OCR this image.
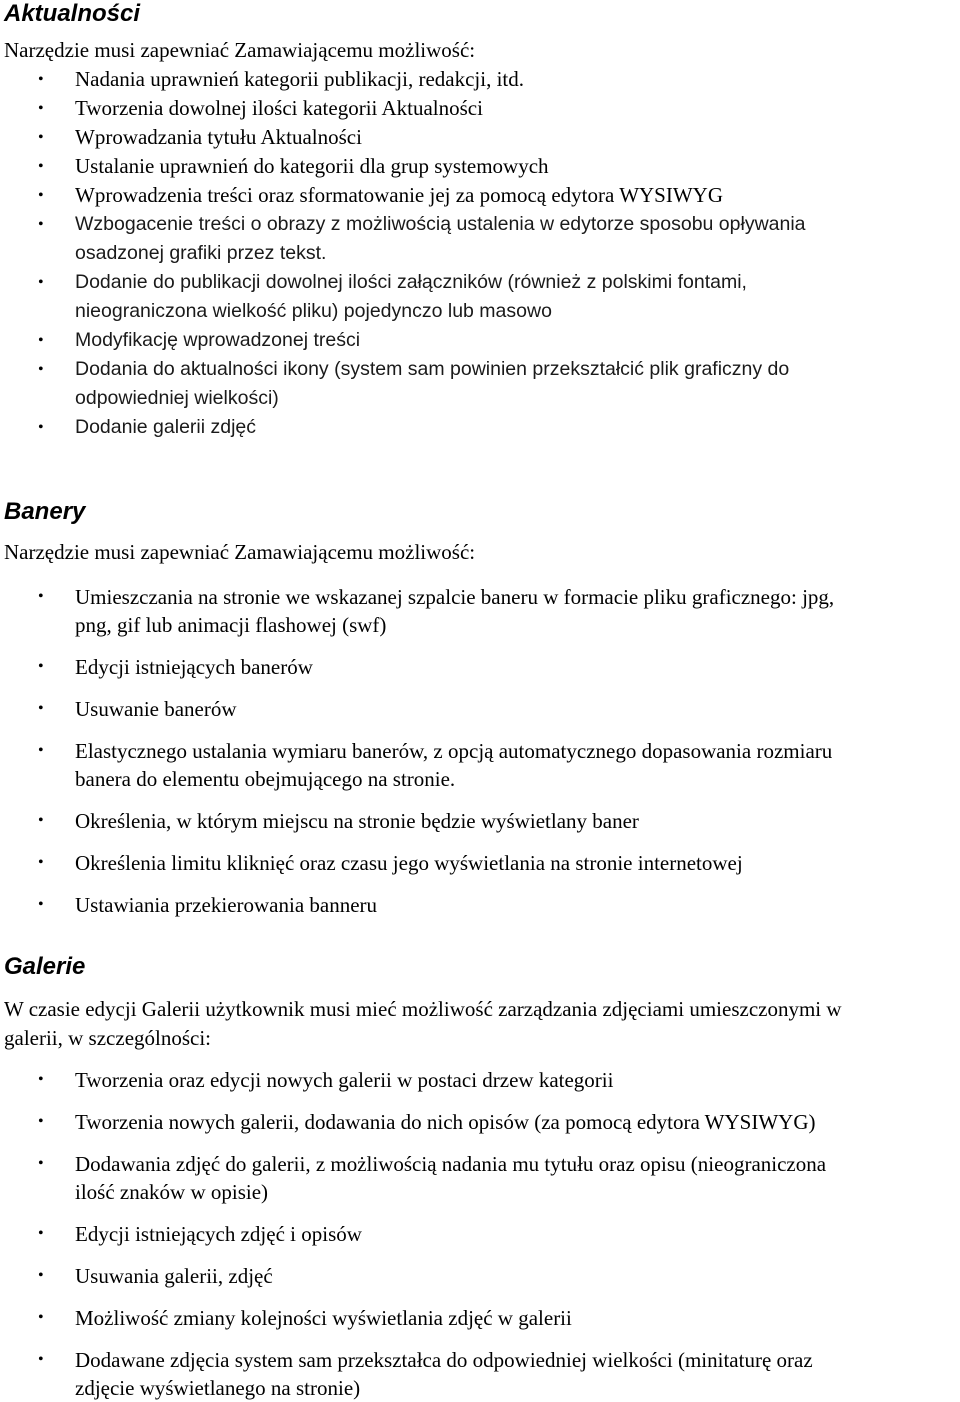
Aktualności

Narzędzie musi zapewniać Zamawiającemu możliwość:

• Nadania uprawnień kategorii publikacji, redakcji, itd.
• Tworzenia dowolnej ilości kategorii Aktualności
• Wprowadzania tytułu Aktualności
• Ustalanie uprawnień do kategorii dla grup systemowych
• Wprowadzenia treści oraz sformatowanie jej za pomocą edytora WYSIWYG
• Wzbogacenie treści o obrazy z możliwością ustalenia w edytorze sposobu opływania
osadzonej grafiki przez tekst.
• Dodanie do publikacji dowolnej ilości załączników (również z polskimi fontami,
nieograniczona wielkość pliku) pojedynczo lub masowo
• Modyfikację wprowadzonej treści
• Dodania do aktualności ikony (system sam powinien przekształcić plik graficzny do
odpowiedniej wielkości)
• Dodanie galerii zdjęć
Banery

Narzędzie musi zapewniać Zamawiającemu możliwość:

• Umieszczania na stronie we wskazanej szpalcie baneru w formacie pliku graficznego: jpg,
png, gif lub animacji flashowej (swf)
• Edycji istniejących banerów
• Usuwanie banerów
• Elastycznego ustalania wymiaru banerów, z opcją automatycznego dopasowania rozmiaru
banera do elementu obejmującego na stronie.
• Określenia, w którym miejscu na stronie będzie wyświetlany baner
• Określenia limitu kliknięć oraz czasu jego wyświetlania na stronie internetowej
• Ustawiania przekierowania banneru
Galerie

W czasie edycji Galerii użytkownik musi mieć możliwość zarządzania zdjęciami umieszczonymi w

galerii, w szczególności:

• Tworzenia oraz edycji nowych galerii w postaci drzew kategorii
• Tworzenia nowych galerii, dodawania do nich opisów (za pomocą edytora WYSIWYG)
• Dodawania zdjęć do galerii, z możliwością nadania mu tytułu oraz opisu (nieograniczona
ilość znaków w opisie)
• Edycji istniejących zdjęć i opisów
• Usuwania galerii, zdjęć
• Możliwość zmiany kolejności wyświetlania zdjęć w galerii
• Dodawane zdjęcia system sam przekształca do odpowiedniej wielkości (minitaturę oraz
zdjęcie wyświetlanego na stronie)
